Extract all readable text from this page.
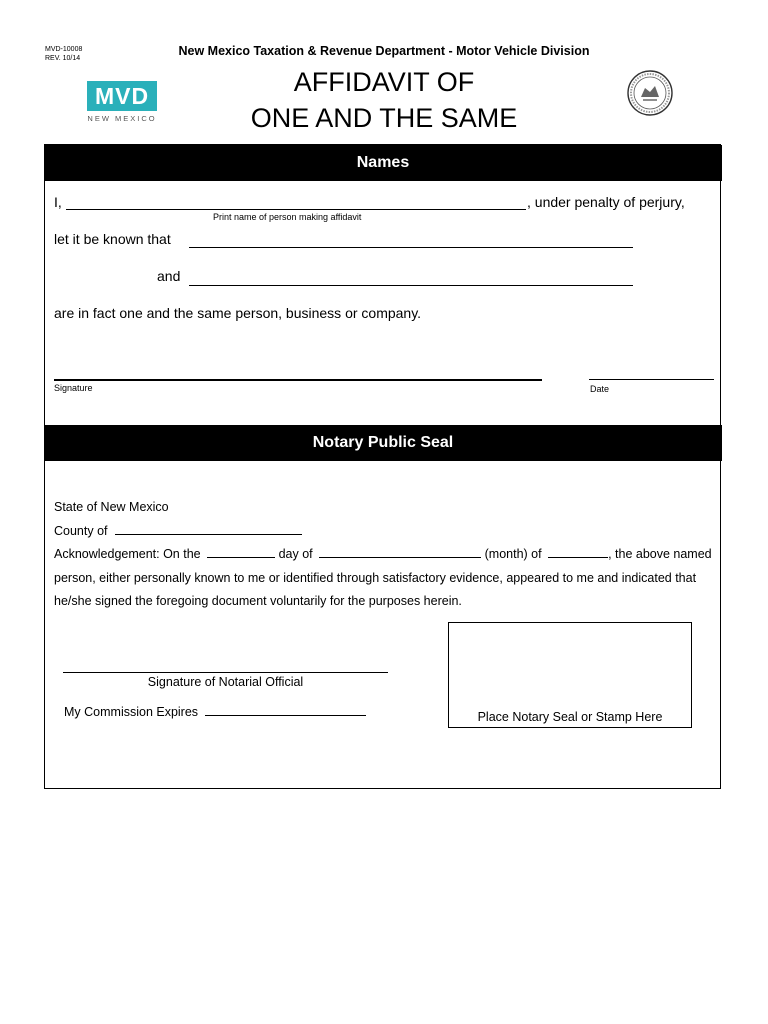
MVD-10008
REV. 10/14
New Mexico Taxation & Revenue Department - Motor Vehicle Division
AFFIDAVIT OF
ONE AND THE SAME
MVD
NEW MEXICO
Names
I,	, under penalty of perjury,
Print name of person making affidavit
let it be known that
and
are in fact one and the same person, business or company.
Signature	Date
Notary Public Seal
State of New Mexico
County of
Acknowledgement: On the	day of	(month) of	, the above named
person, either personally known to me or identified through satisfactory evidence, appeared to me and indicated that
he/she signed the foregoing document voluntarily for the purposes herein.
Signature of Notarial Official
My Commission Expires	Place Notary Seal or Stamp Here
